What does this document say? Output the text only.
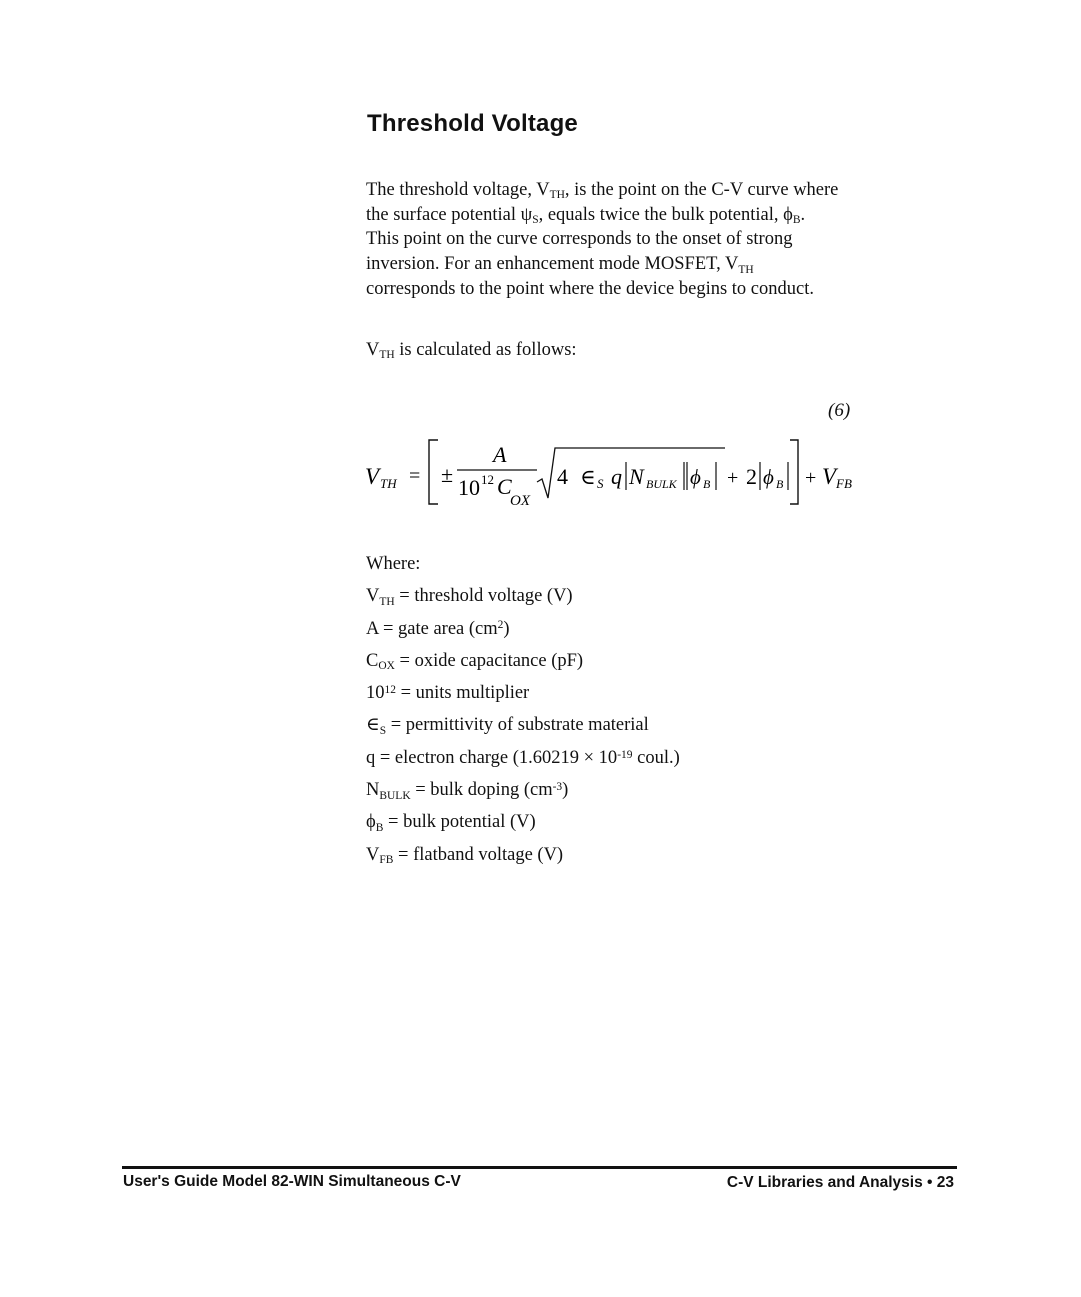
Threshold Voltage
The threshold voltage, $V_{TH}$, is the point on the C-V curve where
the surface potential $\psi_S$, equals twice the bulk potential, $\phi_B$.
This point on the curve corresponds to the onset of strong
inversion. For an enhancement mode MOSFET, $V_{TH}$
corresponds to the point where the device begins to conduct.
$V_{TH}$ is calculated as follows:
(6)
V TH = ±
A
10 12 C
OX
4 ∈ S q N BULK ϕ B + 2 ϕ B + V FB
Where:
$V_{TH}$ = threshold voltage (V)
A = gate area $(cm^2)$
$C_{OX}$ = oxide capacitance (pF)
$10^{12}$ = units multiplier
$\in_S$ = permittivity of substrate material
q = electron charge ($1.60219 \times 10^{-19}$ coul.)
$N_{BULK}$ = bulk doping $(cm^{-3})$
$\phi_B$ = bulk potential (V)
$V_{FB}$ = flatband voltage (V)
User's Guide Model 82-WIN Simultaneous C-V	C-V Libraries and Analysis • 23
